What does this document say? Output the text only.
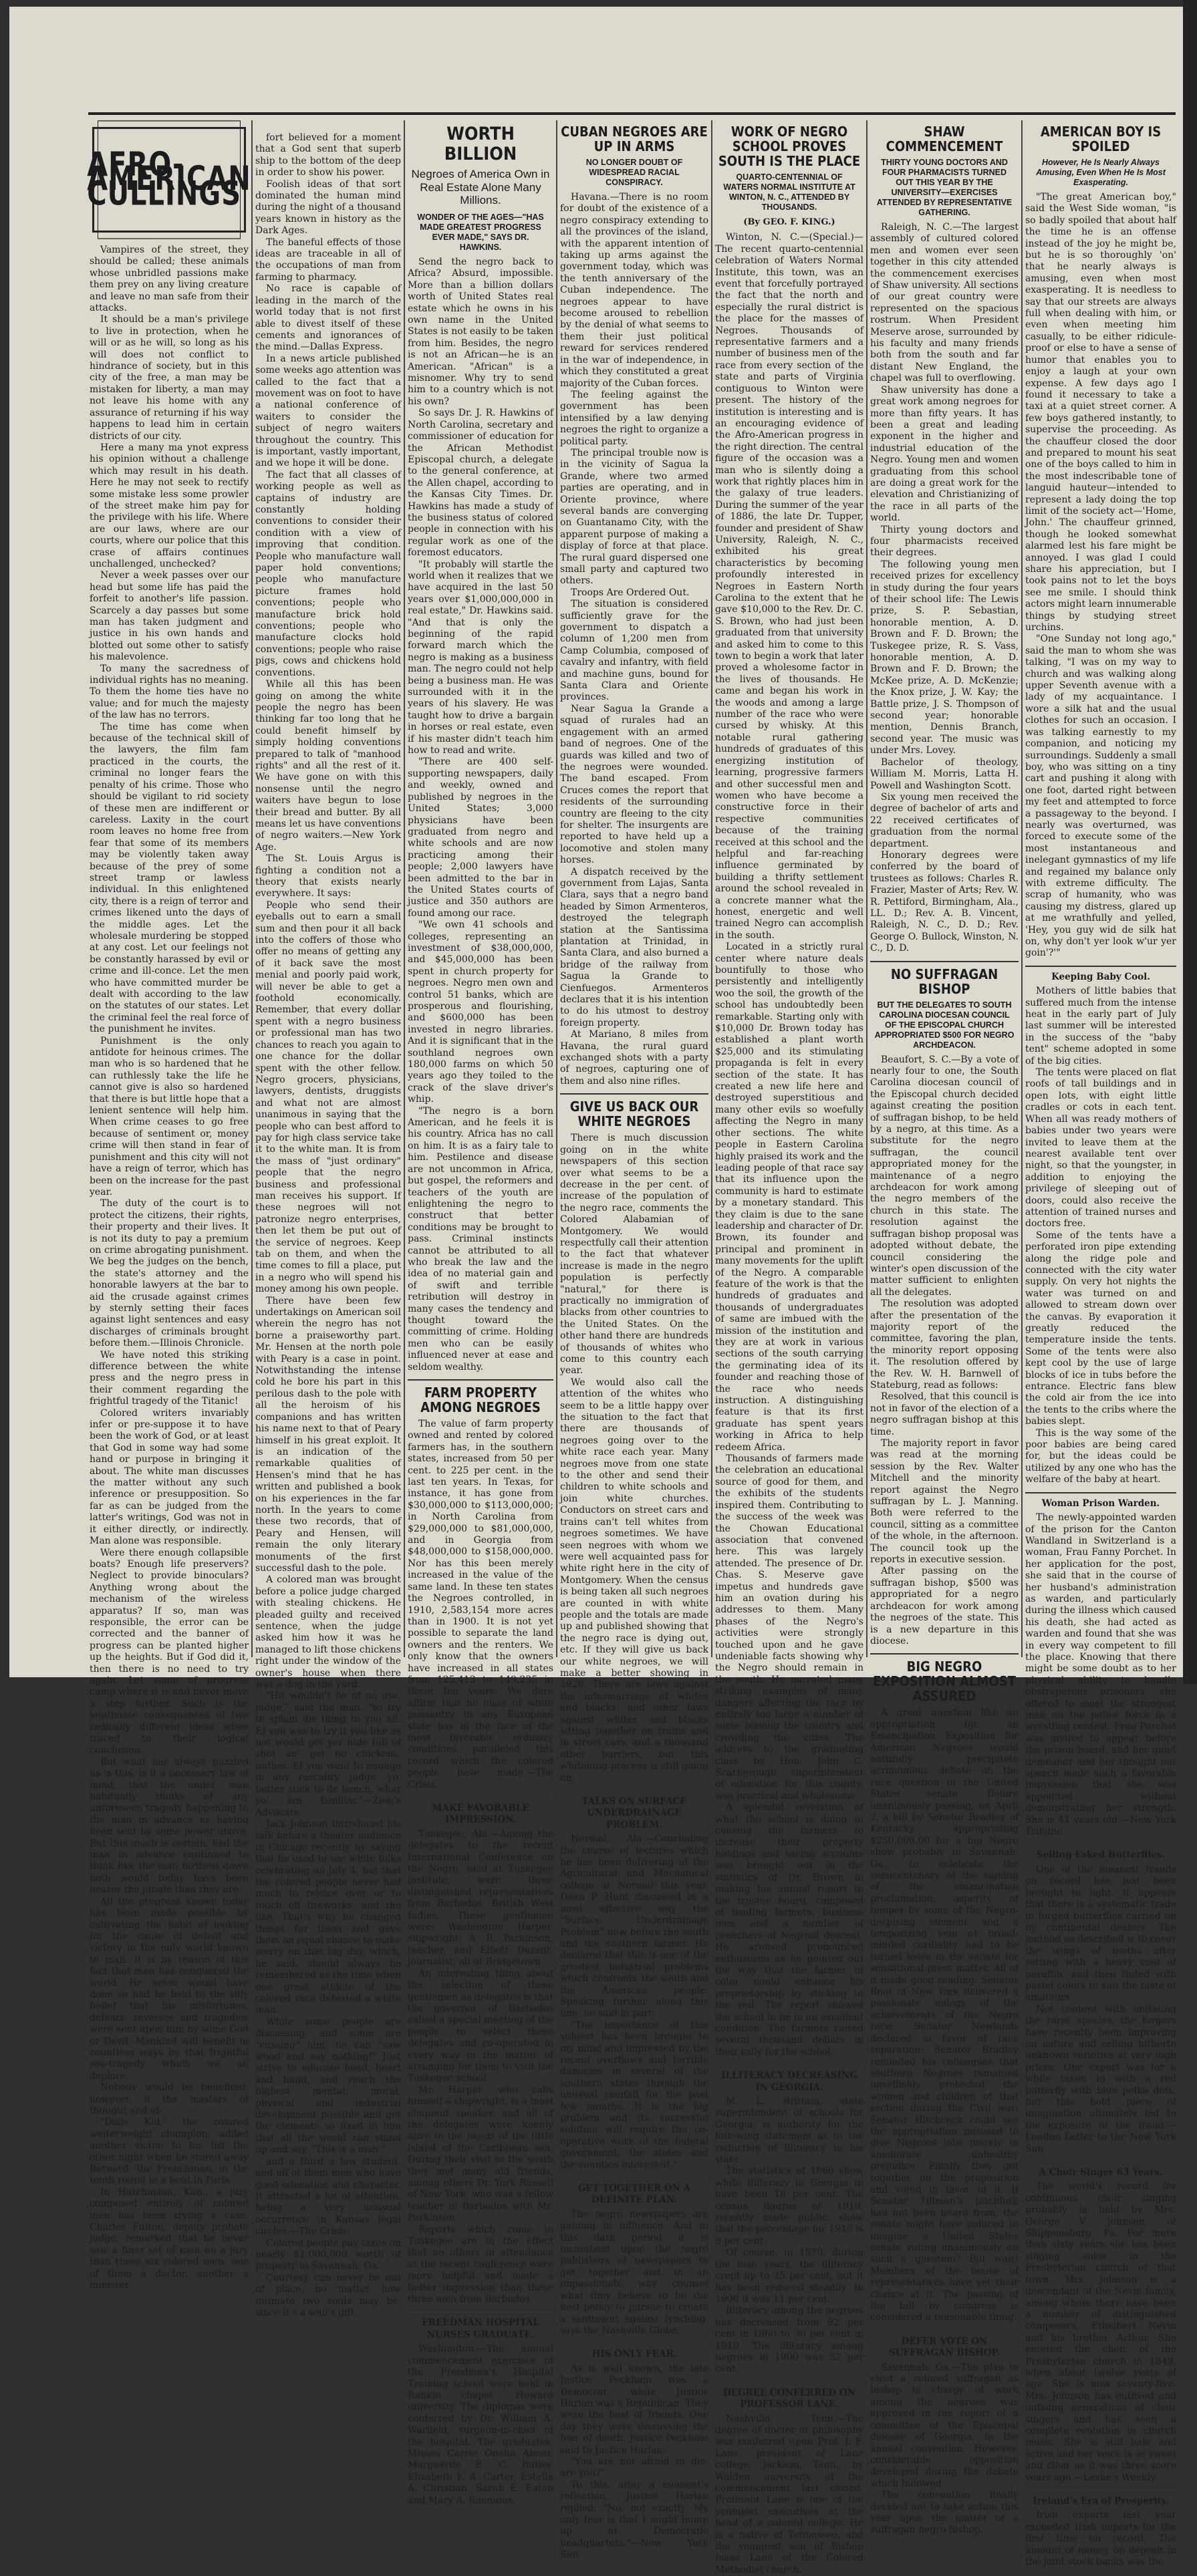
AFRO-AMERICAN CULLINGS

Vampires of the street, they should be called; these animals whose unbridled passions make them prey on any living creature and leave no man safe from their attacks.

It should be a man's privilege to live in protection, when he will or as he will, so long as his will does not conflict to hindrance of society, but in this city of the free, a man may be mistaken for liberty, a man may not leave his home with any assurance of returning if his way happens to lead him in certain districts of our city.

Here a many ma ynot express his opinion without a challenge which may result in his death. Here he may not seek to rectify some mistake less some prowler of the street make him pay for the privilege with his life. Where are our laws, where are our courts, where our police that this crase of affairs continues unchallenged, unchecked?

Never a week passes over our head but some life has paid the forfeit to another's life passion. Scarcely a day passes but some man has taken judgment and justice in his own hands and blotted out some other to satisfy his malevolence.

To many the sacredness of individual rights has no meaning. To them the home ties have no value; and for much the majesty of the law has no terrors.

The time has come when because of the technical skill of the lawyers, the film fam practiced in the courts, the criminal no longer fears the penalty of his crime. Those who should be vigilant to rid society of these men are indifferent or careless. Laxity in the court room leaves no home free from fear that some of its members may be violently taken away because of the prey of some street tramp or lawless individual. In this enlightened city, there is a reign of terror and crimes likened unto the days of the middle ages. Let the wholesale murdering be stopped at any cost. Let our feelings not be constantly harassed by evil or crime and ill-conce. Let the men who have committed murder be dealt with according to the law on the statutes of our states. Let the criminal feel the real force of the punishment he invites.

Punishment is the only antidote for heinous crimes. The man who is so hardened that he can ruthlessly take the life he cannot give is also so hardened that there is but little hope that a lenient sentence will help him. When crime ceases to go free because of sentiment or, money crime will then stand in fear of punishment and this city will not have a reign of terror, which has been on the increase for the past year.

The duty of the court is to protect the citizens, their rights, their property and their lives. It is not its duty to pay a premium on crime abrogating punishment. We beg the judges on the bench, the state's attorney and the honorable lawyers at the bar to aid the crusade against crimes by sternly setting their faces against light sentences and easy discharges of criminals brought before them.—Illinois Chronicle.

We have noted this striking difference between the white press and the negro press in their comment regarding the frightful tragedy of the Titanic!

Colored writers invariably infer or pre-suppose it to have been the work of God, or at least that God in some way had some hand or purpose in bringing it about. The white man discusses the matter without any such inference or presupposition. So far as can be judged from the latter's writings, God was not in it either directly, or indirectly. Man alone was responsible.

Were there enough collapsible boats? Enough life preservers? Neglect to provide binoculars? Anything wrong about the mechanism of the wireless apparatus? If so, man was responsible, the error can be corrected and the banner of progress can be planted higher up the heights. But if God did it, then there is no need to try again. Let some of progress camp where it is and never move a step further. Such is the legitimate consequences of two radically different ideas when traced to their logical conclusion.

But what has always puzzled us is this, is it a necessary law of mind, that the under man habitually thinks of any unforeseen tragedy happening to the man in advance as having been sent by some power above. But this much is certain, had the man in advance continued to think like the man farthest down both would today have been nearer the jungle than they are.

All the progress known today has been made possible by cultivating the habit of looking for the cause of defeat and victory in the only world known to man. It is by reason of this fact that man has conquered the world. He never would have done so had he held to the silly belief that his misfortunes, defeats, reverses and tragedies were sent upon him by some God or Devil. Mankind will benefit in countless ways by that frightful sea-tragedy which we all deplore.

Nobody would be benefited, however, if the masters of thought and ef-

"Dixie Kid," the colored welterweight champion, added another victim to his list the other night when he stored away Bernard, the Frenchman, in the tenth round in a bout in Paris.

In Hutchinson, Kan., a jury composed entirely of colored men has been trying a case. Charles Fulton, deputy probate judge, remarked that he never saw a finer set of men on a jury than those six colored men, one of them a doctor, another a minister

fort believed for a moment that a God sent that superb ship to the bottom of the deep in order to show his power.

Foolish ideas of that sort dominated the human mind during the night of a thousand years known in history as the Dark Ages.

The baneful effects of those ideas are traceable in all of the occupations of man from farming to pharmacy.

No race is capable of leading in the march of the world today that is not first able to divest itself of these cements and ignorances of the mind.—Dallas Express.

In a news article published some weeks ago attention was called to the fact that a movement was on foot to have a national conference of waiters to consider the subject of negro waiters throughout the country. This is important, vastly important, and we hope it will be done.

The fact that all classes of working people as well as captains of industry are constantly holding conventions to consider their condition with a view of improving that condition. People who manufacture wall paper hold conventions; people who manufacture picture frames hold conventions; people who manufacture brick hold conventions; people who manufacture clocks hold conventions; people who raise pigs, cows and chickens hold conventions.

While all this has been going on among the white people the negro has been thinking far too long that he could benefit himself by simply holding conventions prepared to talk of "manhood rights" and all the rest of it. We have gone on with this nonsense until the negro waiters have begun to lose their bread and butter. By all means let us have conventions of negro waiters.—New York Age.

The St. Louis Argus is fighting a condition not a theory that exists nearly everywhere. It says:

People who send their eyeballs out to earn a small sum and then pour it all back into the coffers of those who offer no means of getting any of it back save the most menial and poorly paid work, will never be able to get a foothold economically. Remember, that every dollar spent with a negro business or professional man has two chances to reach you again to one chance for the dollar spent with the other fellow. Negro grocers, physicians, lawyers, dentists, druggists and what not are almost unanimous in saying that the people who can best afford to pay for high class service take it to the white man. It is from the mass of "just ordinary" people that the negro business and professional man receives his support. If these negroes will not patronize negro enterprises, then let them be put out of the service of negroes. Keep tab on them, and when the time comes to fill a place, put in a negro who will spend his money among his own people.

There have been few undertakings on American soil wherein the negro has not borne a praiseworthy part. Mr. Hensen at the north pole with Peary is a case in point. Notwithstanding the intense cold he bore his part in this perilous dash to the pole with all the heroism of his companions and has written his name next to that of Peary himself in his great exploit. It is an indication of the remarkable qualities of Hensen's mind that he has written and published a book on his experiences in the far north. In the years to come these two records, that of Peary and Hensen, will remain the only literary monuments of the first successful dash to the pole.

A colored man was brought before a police judge charged with stealing chickens. He pleaded guilty and received sentence, when the judge asked him how it was he managed to lift those chickens right under the window of the owner's house when there was a dog in the yard.

"Hit wouldn't be of no use, judge," said the man, "to try to splain dis thing to you all. Ef you was to try it you like as not would get yer hide full of shot an' get no chickens, nuther. Ef you want to engage in any rascality, judge, yo' better stick to de bench, whar yo' am familiar."—Zion's Advocate.

Jack Johnson introduced his talk before a theater audience in Chicago recently by saying that he used to see white folks celebrating on July 4, but that the colored people never had much to rejoice over or to touch off fireworks, and the like. That's why he changed things for them and gave them an equal chance to make merry on that big day, which, he said, should always be remembered as the time when one great athlete of the colored race defeated a white man.

While some people are discussing, and some are "cussing" him, he can "saw wood and say nothing!" Just strive to educate head, heart and hand, and reach the highest mental, moral, physical and industrial development possible and get the elements so fixed in him that all the world can stand up and say, "This is a man."

and a third a law student, and all of them men who have good education and character. It attracted a lot of attention, being a very unusual occurrence in Kansas legal circles.—The Crisis.

Colored people pay taxes on nearly $1,000,000 worth of property in Savannah, Ga.

Courtesy can never be out of place, no matter how intimate two souls may be, since it's a soul's gift.

WORTH BILLION
Negroes of America Own in Real Estate Alone Many Millions.
WONDER OF THE AGES—"HAS MADE GREATEST PROGRESS EVER MADE," SAYS DR. HAWKINS.

Send the negro back to Africa? Absurd, impossible. More than a billion dollars worth of United States real estate which he owns in his own name in the United States is not easily to be taken from him. Besides, the negro is not an African—he is an American. "African" is a misnomer. Why try to send him to a country which is not his own?

So says Dr. J. R. Hawkins of North Carolina, secretary and commissioner of education for the African Methodist Episcopal church, a delegate to the general conference, at the Allen chapel, according to the Kansas City Times. Dr. Hawkins has made a study of the business status of colored people in connection with his regular work as one of the foremost educators.

"It probably will startle the world when it realizes that we have acquired in the last 50 years over $1,000,000,000 in real estate," Dr. Hawkins said. "And that is only the beginning of the rapid forward march which the negro is making as a business man. The negro could not help being a business man. He was surrounded with it in the years of his slavery. He was taught how to drive a bargain in horses or real estate, even if his master didn't teach him how to read and write.

"There are 400 self-supporting newspapers, daily and weekly, owned and published by negroes in the United States; 3,000 physicians have been graduated from negro and white schools and are now practicing among their people; 2,000 lawyers have been admitted to the bar in the United States courts of justice and 350 authors are found among our race.

"We own 41 schools and colleges, representing an investment of $38,000,000, and $45,000,000 has been spent in church property for negroes. Negro men own and control 51 banks, which are prosperous and flourishing, and $600,000 has been invested in negro libraries. And it is significant that in the southland negroes own 180,000 farms on which 50 years ago they toiled to the crack of the slave driver's whip.

"The negro is a born American, and he feels it is his country. Africa has no call on him. It is as a fairy tale to him. Pestilence and disease are not uncommon in Africa, but gospel, the reformers and teachers of the youth are enlightening the negro to construct that better conditions may be brought to pass. Criminal instincts cannot be attributed to all who break the law and the idea of no material gain and of swift and terrible retribution will destroy in many cases the tendency and thought toward the committing of crime. Holding men who can be easily influenced never at ease and seldom wealthy.

FARM PROPERTY AMONG NEGROES

The value of farm property owned and rented by colored farmers has, in the southern states, increased from 50 per cent. to 225 per cent. in the last ten years. In Texas, for instance, it has gone from $30,000,000 to $113,000,000; in North Carolina from $29,000,000 to $81,000,000, and in Georgia from $48,000,000 to $158,000,000. Nor has this been merely increased in the value of the same land. In these ten states the Negroes controlled, in 1910, 2,583,154 more acres than in 1900. It is not yet possible to separate the land owners and the renters. We only know that the owners have increased in all states from 125,413 to 149,235 in these ten years. We dare affirm that no class of white peasantry in any European state has in the face of the most favorable ordinary conditions paralleled this record which the colored people have made.—The Crisis.

MAKE FAVORABLE IMPRESSION.

Tuskegee, Ala.—Among the delegates to the recent International Conference on the Negro, held at Tuskegee institute, were three distinguished representatives from Barbados, British West Indies. These gentlemen were: Washington Harper, shipwright; A. R. Parkinson, teacher, and Elliott Durant, journalist, all of Bridgetown.

An interesting thing about the selection of these gentlemen as delegates is that the governor of Barbados called a special meeting of the people to select these delegates and co-operated in every way in the matter of arranging for them to visit the Tuskegee school.

Mr. Harper, who calls himself a shipwright, is a most eloquent speaker, and all of the delegates were keenly alive to the needs of the little island of the Caribbean sea. During their visit to the south they met many old friends, among others Dr. York Russell of New York, who was a fellow teacher in Barbados with Mr. Parkinson.

Reports which come to Tuskegee are to the effect that no others in attendance at the recent conference were more helpful and made a better impression than these three men from Barbados.

FREEDMAN HOSPITAL NURSES GRADUATE.

Washington.—The annual commencement exercises of the Freedmen's Hospital Training school were held in Rankin chapel, Howard university. The diplomas were conferred by Dr. William A. Warfield, surgeon-in-chief of the hospital. The graduates: Misses Carrie Onelia Abner, Marguerite E. C. Butler, Elizabeth F. A. Carter, Estella A. Christian, Sarah E. Eaton and Mary A. Simmons.

CUBAN NEGROES ARE UP IN ARMS
NO LONGER DOUBT OF WIDESPREAD RACIAL CONSPIRACY.

Havana.—There is no room for doubt of the existence of a negro conspiracy extending to all the provinces of the island, with the apparent intention of taking up arms against the government today, which was the tenth anniversary of the Cuban independence. The negroes appear to have become aroused to rebellion by the denial of what seems to them their just political reward for services rendered in the war of independence, in which they constituted a great majority of the Cuban forces.

The feeling against the government has been intensified by a law denying negroes the right to organize a political party.

The principal trouble now is in the vicinity of Sagua la Grande, where two armed parties are operating, and in Oriente province, where several bands are converging on Guantanamo City, with the apparent purpose of making a display of force at that place. The rural guard dispersed one small party and captured two others.

Troops Are Ordered Out.

The situation is considered sufficiently grave for the government to dispatch a column of 1,200 men from Camp Columbia, composed of cavalry and infantry, with field and machine guns, bound for Santa Clara and Oriente provinces.

Near Sagua la Grande a squad of rurales had an engagement with an armed band of negroes. One of the guards was killed and two of the negroes were wounded. The band escaped. From Cruces comes the report that residents of the surrounding country are fleeing to the city for shelter. The insurgents are reported to have held up a locomotive and stolen many horses.

A dispatch received by the government from Lajas, Santa Clara, says that a negro band headed by Simon Armenteros, destroyed the telegraph station at the Santissima plantation at Trinidad, in Santa Clara, and also burned a bridge of the railway from Sagua la Grande to Cienfuegos. Armenteros declares that it is his intention to do his utmost to destroy foreign property.

At Mariano, 8 miles from Havana, the rural guard exchanged shots with a party of negroes, capturing one of them and also nine rifles.

GIVE US BACK OUR WHITE NEGROES

There is much discussion going on in the white newspapers of this section over what seems to be a decrease in the per cent. of increase of the population of the negro race, comments the Colored Alabamian of Montgomery. We would respectfully call their attention to the fact that whatever increase is made in the negro population is perfectly "natural," for there is practically no immigration of blacks from other countries to the United States. On the other hand there are hundreds of thousands of whites who come to this country each year.

We would also call the attention of the whites who seem to be a little happy over the situation to the fact that there are thousands of negroes going over to the white race each year. Many negroes move from one state to the other and send their children to white schools and join white churches. Conductors on street cars and trains can't tell whites from negroes sometimes. We have seen negroes with whom we were well acquainted pass for white right here in the city of Montgomery. When the census is being taken all such negroes are counted in with white people and the totals are made up and published showing that the negro race is dying out, etc. If they will give us back our white negroes, we will make a better showing in 1920. There are laws against the intermarriage of whites and blacks; and other laws against whites and blacks sitting together on trains and in street cars, and a thousand other barriers, but this whitening process is still going on.

TALKS ON SURFACE UNDERDRAINAGE PROBLEM.

Normal, Ala.—Concluding the course of lectures which he has been delivering at the Agricultural and Mechanical college at Normal this year, Dean P. Hunt discussed in a most effective way the "Surface Underdrainage Problem" now before the south and the southern farmer. He declared that this is one of the greatest industrial problems which confronts the south and the American people. Speaking further along this line, he said in part:

"The importance of this subject has been brought to my mind and impressed by the recent overflows and terrible damages in several of the southern states through the unusual rainfall for the past few months. It is the big problem and its successful solution will require the co-operative work of the federal government, the states and the counties interested."

GET TOGETHER ON A DEFINITE PLAN.

The negro newspapers are gaining in influence. And in this dark period it is incumbent upon the negro publishers of newspapers to get together and in an impassionate way counsel what they believe to be the best policy to pursue to create a sentiment against lynching, says the Nashville Globe.

HIS ONLY FEAR.

As is well known, the late Justice Peckham was a Democrat, while Justice Harlan was a Republican. They were the best of friends. One day they were discussing the fear of death. Justice Peckham said to Justice Harlan:

"You are not afraid to die, are you?"

To this, after a moment's reflection, Justice Harlan replied: "No, not exactly. My only fear is that I might bump up at Democratic headquarters."—New York Sun.

WORK OF NEGRO SCHOOL PROVES SOUTH IS THE PLACE
QUARTO-CENTENNIAL OF WATERS NORMAL INSTITUTE AT WINTON, N. C., ATTENDED BY THOUSANDS.
(By GEO. F. KING.)

Winton, N. C.—(Special.)—The recent quarto-centennial celebration of Waters Normal Institute, this town, was an event that forcefully portrayed the fact that the north and especially the rural district is the place for the masses of Negroes. Thousands of representative farmers and a number of business men of the race from every section of the state and parts of Virginia contiguous to Winton were present. The history of the institution is interesting and is an encouraging evidence of the Afro-American progress in the right direction. The central figure of the occasion was a man who is silently doing a work that rightly places him in the galaxy of true leaders. During the summer of the year of 1886, the late Dr. Tupper, founder and president of Shaw University, Raleigh, N. C., exhibited his great characteristics by becoming profoundly interested in Negroes in Eastern North Carolina to the extent that he gave $10,000 to the Rev. Dr. C. S. Brown, who had just been graduated from that university and asked him to come to this town to begin a work that later proved a wholesome factor in the lives of thousands. He came and began his work in the woods and among a large number of the race who were cursed by whisky. At this notable rural gathering hundreds of graduates of this energizing institution of learning, progressive farmers and other successful men and women who have become a constructive force in their respective communities because of the training received at this school and the helpful and far-reaching influence germinated by building a thrifty settlement around the school revealed in a concrete manner what the honest, energetic and well trained Negro can accomplish in the south.

Located in a strictly rural center where nature deals bountifully to those who persistently and intelligently woo the soil, the growth of the school has undoubtedly been remarkable. Starting only with $10,000 Dr. Brown today has established a plant worth $25,000 and its stimulating propaganda is felt in every section of the state. It has created a new life here and destroyed superstitious and many other evils so woefully affecting the Negro in many other sections. The white people in Eastern Carolina highly praised its work and the leading people of that race say that its influence upon the community is hard to estimate by a monetary standard. This they claim is due to the sane leadership and character of Dr. Brown, its founder and principal and prominent in many movements for the uplift of the Negro. A comparable feature of the work is that the hundreds of graduates and thousands of undergraduates of same are imbued with the mission of the institution and they are at work in various sections of the south carrying the germinating idea of its founder and reaching those of the race who needs instruction. A distinguishing feature is that its first graduate has spent years working in Africa to help redeem Africa.

Thousands of farmers made the celebration an educational source of good for them, and the exhibits of the students inspired them. Contributing to the success of the week was the Chowan Educational association that convened here. This was largely attended. The presence of Dr. Chas. S. Meserve gave impetus and hundreds gave him an ovation during his addresses to them. Many phases of the Negro's activities were strongly touched upon and he gave undeniable facts showing why the Negro should remain in the south. He narrated many striking examples of many dangers affecting the race by entirely too large a number of some leaving the country and crowding the cities. The address to the graduating class by Hon. John C. Scarborough, superintendent of education for this county, was practical and wholesome.

A splendid revelation of what the school is doing in causing the farmers to increase their property holdings and saving accounts was brought out in the statistics of Dr. Brown in making his annual report to the trustee board, composed of leading farmers, business men and a number of preachers of Negroid descent. He aroused pronounced enthusiasm as he pointed out the way that the farmer of color could enhance his proprietorship by sticking to the soil. The report showed the school to be in an excellent condition. The farmers raised several thousand dollars in their rally for the school.

ILLITERACY DECREASING IN GEORGIA.

M. L. Brittain, state superintendent of schools for Georgia, is authority for the following statement as to the reduction of illiteracy in his state:

The statistics of 1860 show white illiteracy in Georgia to have been 18 per cent. The census figures of 1910, recently made public, show that the percentage for 1910 is 8 per cent.

Of course, in 1870, during the lean years, the illiteracy crept up to 25 per cent, but it has been reduced steadily. In 1900 it was 11 per cent.

Illiteracy among the negroes has decreased from 92 per cent in 1860 to 30 per cent in 1910. The illiteracy among negroes in 1900 was 52 per cent.

DEGREE CONFERRED ON PROFESSOR LANE.

Nashville, Tenn.—The degree of doctor of philosophy was conferred upon Prof. J. F. Lane, president of Lane college, Jackson, Tenn., by Walden university at the commencement last closed. Professor Lane is one of the youngest executives at the head of a colored college. He is a native of Tennessee, and the youngest son of Bishop Isaac Lane of the Colored Methodist church.

SHAW COMMENCEMENT
THIRTY YOUNG DOCTORS AND FOUR PHARMACISTS TURNED OUT THIS YEAR BY THE UNIVERSITY—EXERCISES ATTENDED BY REPRESENTATIVE GATHERING.

Raleigh, N. C.—The largest assembly of cultured colored men and women ever seen together in this city attended the commencement exercises of Shaw university. All sections of our great country were represented on the spacious rostrum. When President Meserve arose, surrounded by his faculty and many friends both from the south and far distant New England, the chapel was full to overflowing.

Shaw university has done a great work among negroes for more than fifty years. It has been a great and leading exponent in the higher and industrial education of the Negro. Young men and women graduating from this school are doing a great work for the elevation and Christianizing of the race in all parts of the world.

Thirty young doctors and four pharmacists received their degrees.

The following young men received prizes for excellency in study during the four years of their school life: The Lewis prize, S. P. Sebastian, honorable mention, A. D. Brown and F. D. Brown; the Tuskegee prize, R. S. Vass, honorable mention, A. D. Brown and F. D. Brown; the McKee prize, A. D. McKenzie; the Knox prize, J. W. Kay; the Battle prize, J. S. Thompson of second year; honorable mention, Dennis Branch, second year. The music was under Mrs. Lovey.

Bachelor of theology, William M. Morris, Latta H. Powell and Washington Scott.

Six young men received the degree of bachelor of arts and 22 received certificates of graduation from the normal department.

Honorary degrees were conferred by the board of trustees as follows: Charles R. Frazier, Master of Arts; Rev. W. R. Pettiford, Birmingham, Ala., LL. D.; Rev. A. B. Vincent, Raleigh, N. C., D. D.; Rev. George O. Bullock, Winston, N. C., D. D.

NO SUFFRAGAN BISHOP
BUT THE DELEGATES TO SOUTH CAROLINA DIOCESAN COUNCIL OF THE EPISCOPAL CHURCH APPROPRIATED $500 FOR NEGRO ARCHDEACON.

Beaufort, S. C.—By a vote of nearly four to one, the South Carolina diocesan council of the Episcopal church decided against creating the position of suffragan bishop, to be held by a negro, at this time. As a substitute for the negro suffragan, the council appropriated money for the maintenance of a negro archdeacon for work among the negro members of the church in this state. The resolution against the suffragan bishop proposal was adopted without debate, the council considering the winter's open discussion of the matter sufficient to enlighten all the delegates.

The resolution was adopted after the presentation of the majority report of the committee, favoring the plan, the minority report opposing it. The resolution offered by the Rev. W. H. Barnwell of Stateburg, read as follows:

Resolved, that this council is not in favor of the election of a negro suffragan bishop at this time.

The majority report in favor was read at the morning session by the Rev. Walter Mitchell and the minority report against the Negro suffragan by L. J. Manning. Both were referred to the council, sitting as a committee of the whole, in the afternoon. The council took up the reports in executive session.

After passing on the suffragan bishop, $500 was appropriated for a negro archdeacon for work among the negroes of the state. This is a new departure in this diocese.

BIG NEGRO EXPOSITION ALMOST ASSURED

A great question like an appropriation for an Emancipation Exposition for American Negroes would naturally precipitate acrimonious debate on the race question in the United States senate. Before unanimously passing, on April 2, a bill by Senator Bradley of Kentucky appropriating $250,000.00 for a big Negro show probably in Savannah, Ga., to celebrate the semicentenary of the signing of the emancipation proclamation, asperity of temper by some of the Negro-despising element and a temporizing vein of broad-minded cordiality had to be turned loose in the senate for sensational press matter. All of it made good reading. Senator Root of New York delivered a passionate eulogy of the achievements of the Negro race; Senator Newlands declared in favor of race separation; Senator Bradley reminded his colleagues that southern Negroes remained unselfishly protected the women and children of that section during the Civil war; Senator Hitchcock could see the appropriation misused to give Negroes jobs merely to ameliorate unhealthy prejudice. Finally they got together on the proposition and voted in favor of it. If Senator Tillman's pitchfork had not been heard from, the senate might have induced to imagine a United States senate voting unanimously on such a question? But wait! Members of the house of representatives have yet their chance at it. The passing of the bill by congress is considered a reasonable thing.

DEFER VOTE ON SUFFRAGAN BISHOP.

Savannah, Ga.—The plan to elect a colored suffragan as bishop in charge of work among the negroes was approved in the report of a committee of the Episcopal diocese of Georgia, in the annual convention. However, considerable opposition developed during the debate which followed.

The convention finally decided not to take action this year upon the matter of a suffragan negro bishop.

AMERICAN BOY IS SPOILED
However, He Is Nearly Always Amusing, Even When He Is Most Exasperating.

"The great American boy," said the West Side woman, "is so badly spoiled that about half the time he is an offense instead of the joy he might be, but he is so thoroughly 'on' that he nearly always is amusing, even when most exasperating. It is needless to say that our streets are always full when dealing with him, or even when meeting him casually, to be either ridicule-proof or else to have a sense of humor that enables you to enjoy a laugh at your own expense. A few days ago I found it necessary to take a taxi at a quiet street corner. A few boys gathered instantly, to supervise the proceeding. As the chauffeur closed the door and prepared to mount his seat one of the boys called to him in the most indescribable tone of languid hauteur—intended to represent a lady doing the top limit of the society act—'Home, John.' The chauffeur grinned, though he looked somewhat alarmed lest his fare might be annoyed. I was glad I could share his appreciation, but I took pains not to let the boys see me smile. I should think actors might learn innumerable things by studying street urchins.

"One Sunday not long ago," said the man to whom she was talking, "I was on my way to church and was walking along upper Seventh avenue with a lady of my acquaintance. I wore a silk hat and the usual clothes for such an occasion. I was talking earnestly to my companion, and noticing my surroundings. Suddenly a small boy, who was sitting on a tiny cart and pushing it along with one foot, darted right between my feet and attempted to force a passageway to the beyond. I nearly was overturned, was forced to execute some of the most instantaneous and inelegant gymnastics of my life and regained my balance only with extreme difficulty. The scrap of humanity, who was causing my distress, glared up at me wrathfully and yelled, 'Hey, you guy wid de silk hat on, why don't yer look w'ur yer goin'?'"

Keeping Baby Cool.

Mothers of little babies that suffered much from the intense heat in the early part of July last summer will be interested in the success of the "baby tent" scheme adopted in some of the big cities.

The tents were placed on flat roofs of tall buildings and in open lots, with eight little cradles or cots in each tent. When all was ready mothers of babies under two years were invited to leave them at the nearest available tent over night, so that the youngster, in addition to enjoying the privilege of sleeping out of doors, could also receive the attention of trained nurses and doctors free.

Some of the tents have a perforated iron pipe extending along the ridge pole and connected with the city water supply. On very hot nights the water was turned on and allowed to stream down over the canvas. By evaporation it greatly reduced the temperature inside the tents. Some of the tents were also kept cool by the use of large blocks of ice in tubs before the entrance. Electric fans blew the cold air from the ice into the tents to the cribs where the babies slept.

This is the way some of the poor babies are being cared for, but the ideas could be utilized by any one who has the welfare of the baby at heart.

Woman Prison Warden.

The newly-appointed warden of the prison for the Canton Wandland in Switzerland is a woman, Frau Fanny Porchet. In her application for the post, she said that in the course of her husband's administration as warden, and particularly during the illness which caused his death, she had acted as warden and found that she was in every way competent to fill the place. Knowing that there might be some doubt as to her physical ability to handle obstreperous prisoners, she offered to meet the strongest man on the police force in a wrestling contest. Frau Porchet was invited to appear before the prison board, and her quiet demeanor and her thought out speech made such a favorable impression that she was appointed without demonstrating her strength. She is 41 years old.—New York Tribune.

Selling Faked Butterflies.

One of the meanest frauds on record has just been brought to light. It appears that there is a systematic trade in forged butterflies carried on by continental dealers. The method as described is to cover the wings of moths after setting with a heavy coat of paraffin, and then tinted with pastel colors to suit the taste of amateurs.

Not content with imitating the rarer species, the forgers have recently been improving on nature and selling hitherto unknown varieties at very high prices. One expert was for a while taken in with a red butterfly with blue polka dots, but this bold piece of imagination ultimately led to the exposure of the fraud.—London Letter to the New York Sun.

A Choir Singer 63 Years.

The world's record for continuous choir singing probably is held by Mrs. George V. Johnson, of Shippensburg, Pa. For more than sixty years she has been singing solos in the Presbyterian church of that town. Mrs. Johnson is a descendant of the Nevin family, among whom there have been a number of distinguished composers, Ethelbert Nevin and his brother Arthur. She entered the choir of the Presbyterian church in 1849, when about twelve years of age. She is now seventy-five. Mrs. Johnson has outlived and outsung generations of choir singers and has seen a complete evolution in church music. She is still hale and active and her voice is as sweet and clear as it was three score years ago.—Leslie's Weekly.

Ireland's Era of Prosperity.

Irish exports last year exceeded Irish imports for the first time on record. The amount of money on deposit in the joint stock banks was the
